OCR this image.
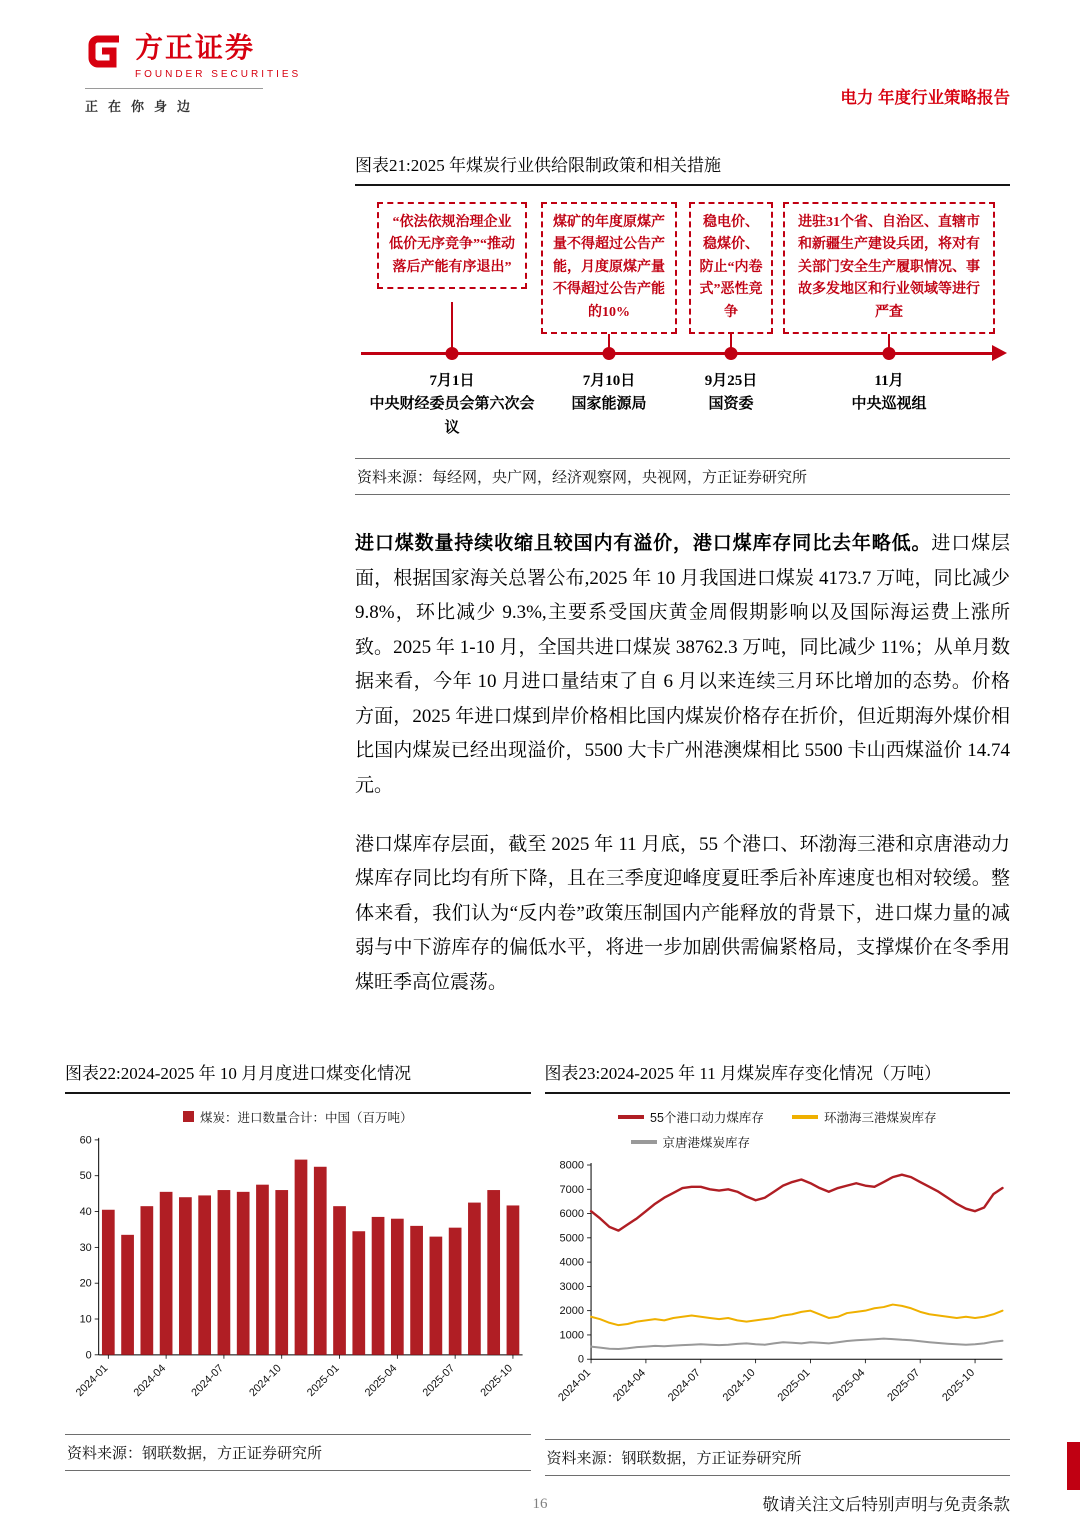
方正证券
FOUNDER SECURITIES
正在你身边	电力 年度行业策略报告
图表21:2025 年煤炭行业供给限制政策和相关措施
“依法依规治理企业低价无序竞争”“推动落后产能有序退出”
煤矿的年度原煤产量不得超过公告产能，月度原煤产量不得超过公告产能的10%
稳电价、稳煤价、防止“内卷式”恶性竞争
进驻31个省、自治区、直辖市和新疆生产建设兵团，将对有关部门安全生产履职情况、事故多发地区和行业领域等进行严查
7月1日
中央财经委员会第六次会议
7月10日
国家能源局
9月25日
国资委
11月
中央巡视组
资料来源：每经网，央广网，经济观察网，央视网，方正证券研究所

进口煤数量持续收缩且较国内有溢价，港口煤库存同比去年略低。进口煤层面，根据国家海关总署公布,2025 年 10 月我国进口煤炭 4173.7 万吨，同比减少 9.8%，环比减少 9.3%,主要系受国庆黄金周假期影响以及国际海运费上涨所致。2025 年 1-10 月，全国共进口煤炭 38762.3 万吨，同比减少 11%；从单月数据来看，今年 10 月进口量结束了自 6 月以来连续三月环比增加的态势。价格方面，2025 年进口煤到岸价格相比国内煤炭价格存在折价，但近期海外煤价相比国内煤炭已经出现溢价，5500 大卡广州港澳煤相比 5500 卡山西煤溢价 14.74 元。

港口煤库存层面，截至 2025 年 11 月底，55 个港口、环渤海三港和京唐港动力煤库存同比均有所下降，且在三季度迎峰度夏旺季后补库速度也相对较缓。整体来看，我们认为“反内卷”政策压制国内产能释放的背景下，进口煤力量的减弱与中下游库存的偏低水平，将进一步加剧供需偏紧格局，支撑煤价在冬季用煤旺季高位震荡。

图表22:2024-2025 年 10 月月度进口煤变化情况
煤炭：进口数量合计：中国（百万吨）
0
10
20
30
40
50
60
2024-01 2024-04 2024-07 2024-10 2025-01 2025-04 2025-07 2025-10
资料来源：钢联数据，方正证券研究所
图表23:2024-2025 年 11 月煤炭库存变化情况（万吨）
55个港口动力煤库存	环渤海三港煤炭库存
京唐港煤炭库存
0
1000
2000
3000
4000
5000
6000
7000
8000
2024-01 2024-04 2024-07 2024-10 2025-01 2025-04 2025-07 2025-10
资料来源：钢联数据，方正证券研究所
16	敬请关注文后特别声明与免责条款
